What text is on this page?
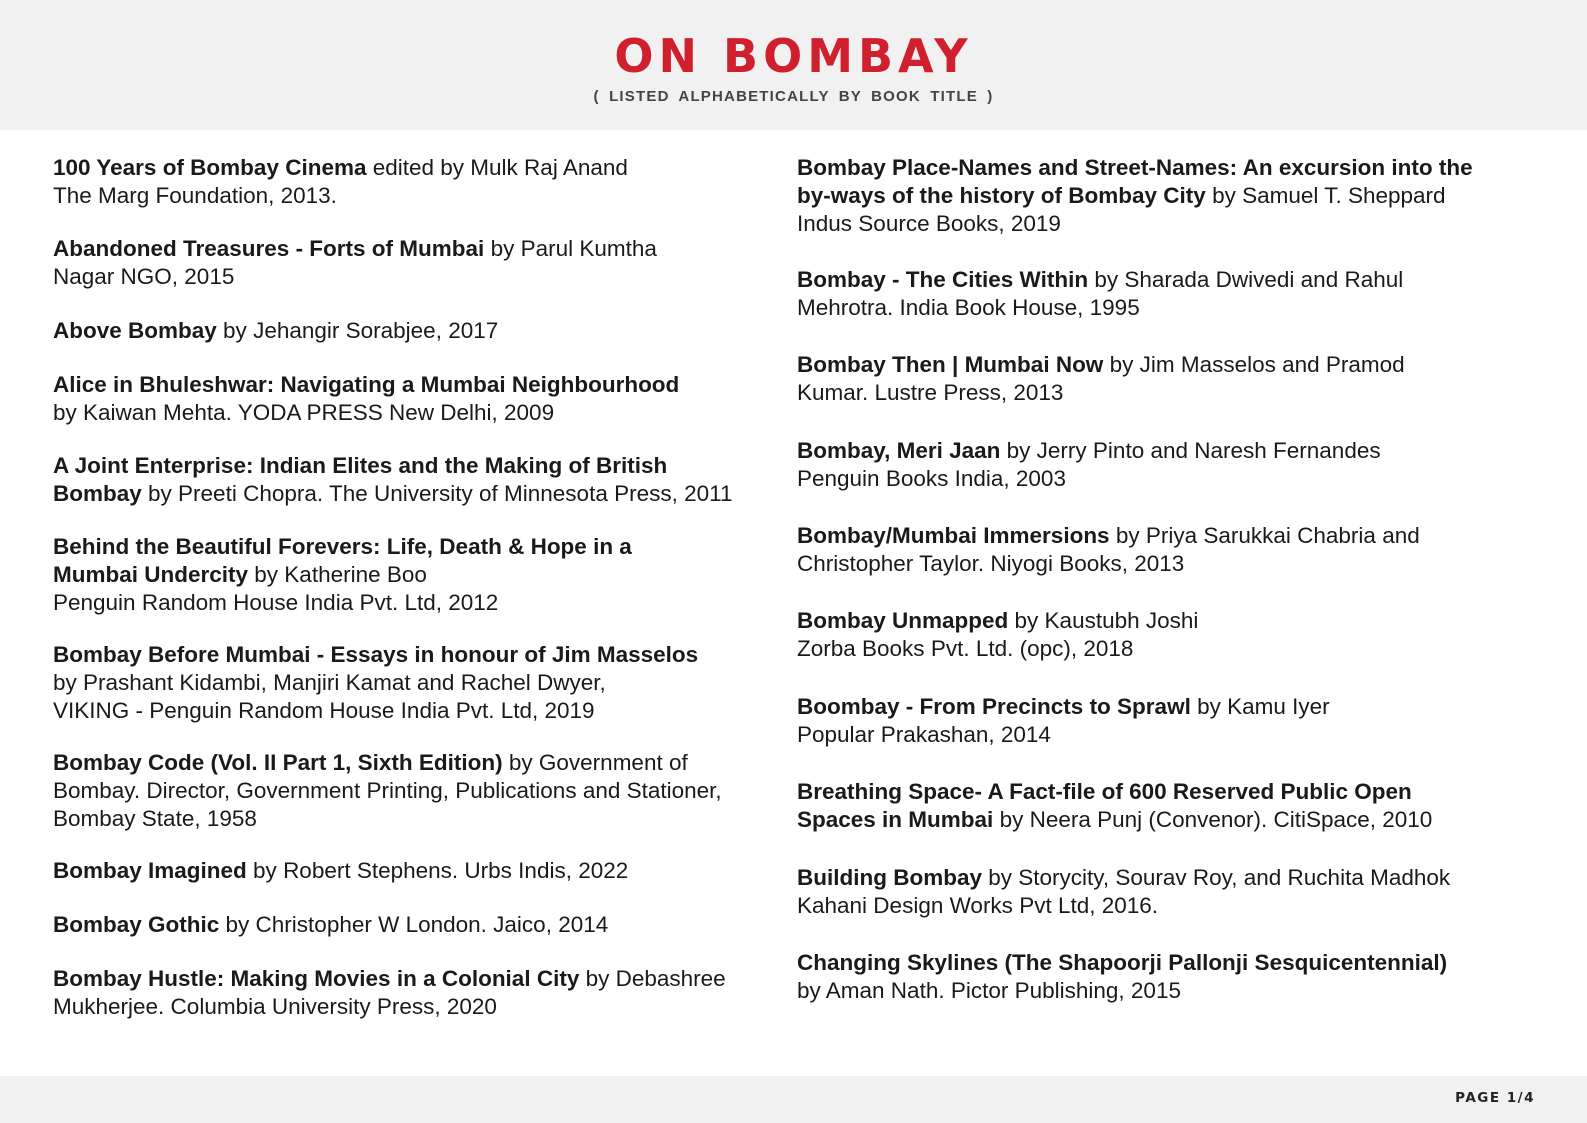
ON BOMBAY
( LISTED ALPHABETICALLY BY BOOK TITLE )
100 Years of Bombay Cinema edited by Mulk Raj Anand
The Marg Foundation, 2013.
Abandoned Treasures - Forts of Mumbai by Parul Kumtha
Nagar NGO, 2015
Above Bombay by Jehangir Sorabjee, 2017
Alice in Bhuleshwar: Navigating a Mumbai Neighbourhood
by Kaiwan Mehta. YODA PRESS New Delhi, 2009
A Joint Enterprise: Indian Elites and the Making of British
Bombay by Preeti Chopra. The University of Minnesota Press, 2011
Behind the Beautiful Forevers: Life, Death & Hope in a
Mumbai Undercity by Katherine Boo
Penguin Random House India Pvt. Ltd, 2012
Bombay Before Mumbai - Essays in honour of Jim Masselos
by Prashant Kidambi, Manjiri Kamat and Rachel Dwyer,
VIKING - Penguin Random House India Pvt. Ltd, 2019
Bombay Code (Vol. II Part 1, Sixth Edition) by Government of
Bombay. Director, Government Printing, Publications and Stationer,
Bombay State, 1958
Bombay Imagined by Robert Stephens. Urbs Indis, 2022
Bombay Gothic by Christopher W London. Jaico, 2014
Bombay Hustle: Making Movies in a Colonial City by Debashree
Mukherjee. Columbia University Press, 2020
Bombay Place-Names and Street-Names: An excursion into the
by-ways of the history of Bombay City by Samuel T. Sheppard
Indus Source Books, 2019
Bombay - The Cities Within by Sharada Dwivedi and Rahul
Mehrotra. India Book House, 1995
Bombay Then | Mumbai Now by Jim Masselos and Pramod
Kumar. Lustre Press, 2013
Bombay, Meri Jaan by Jerry Pinto and Naresh Fernandes
Penguin Books India, 2003
Bombay/Mumbai Immersions by Priya Sarukkai Chabria and
Christopher Taylor. Niyogi Books, 2013
Bombay Unmapped by Kaustubh Joshi
Zorba Books Pvt. Ltd. (opc), 2018
Boombay - From Precincts to Sprawl by Kamu Iyer
Popular Prakashan, 2014
Breathing Space- A Fact-file of 600 Reserved Public Open
Spaces in Mumbai by Neera Punj (Convenor). CitiSpace, 2010
Building Bombay by Storycity, Sourav Roy, and Ruchita Madhok
Kahani Design Works Pvt Ltd, 2016.
Changing Skylines (The Shapoorji Pallonji Sesquicentennial)
by Aman Nath. Pictor Publishing, 2015
PAGE 1/4
